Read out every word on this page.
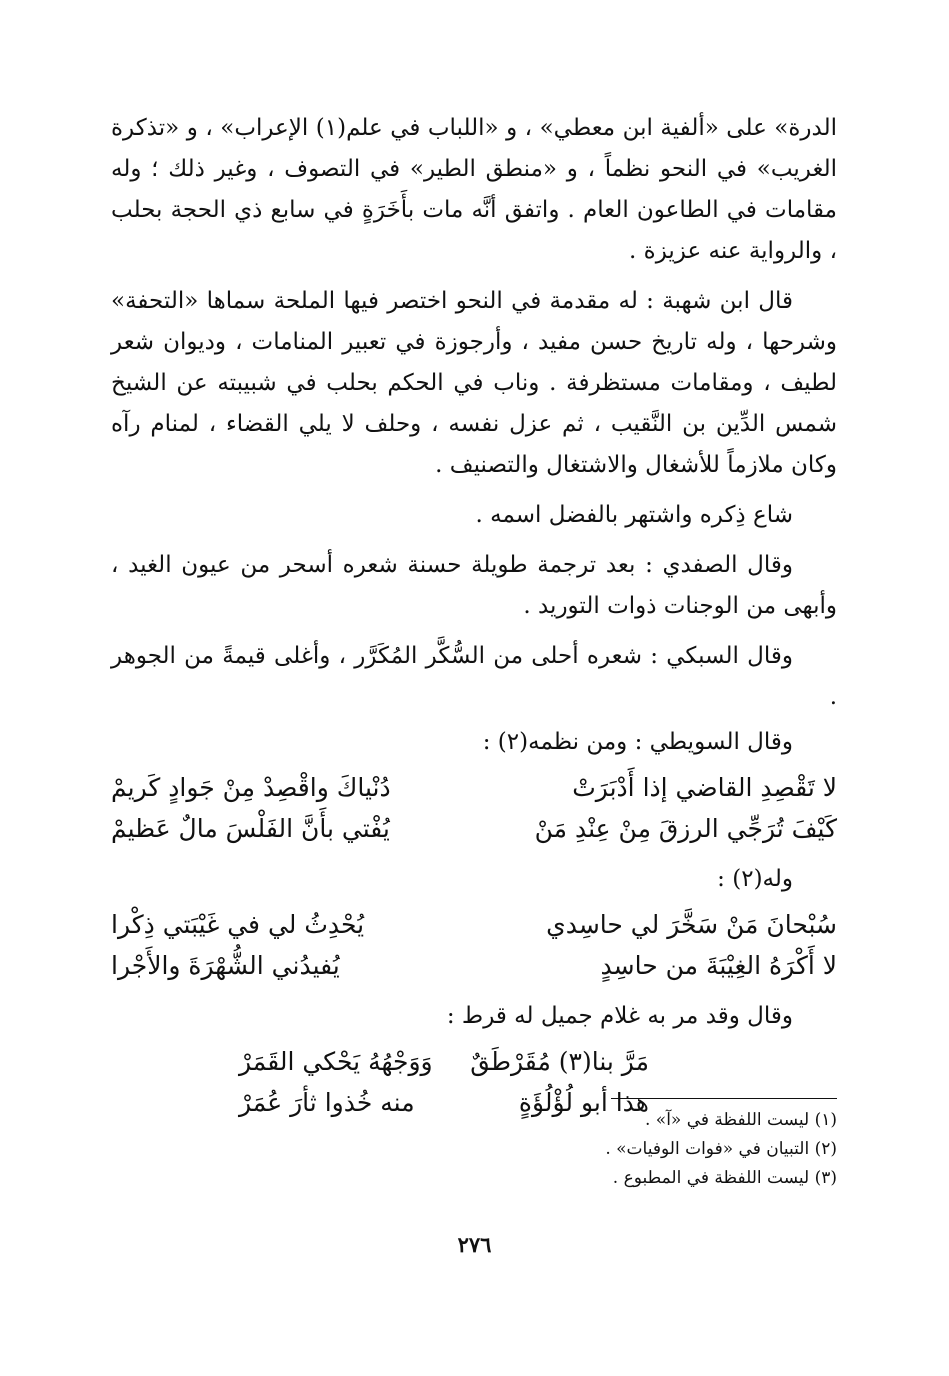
الدرة» على «ألفية ابن معطي» ، و «اللباب في علم(١) الإعراب» ، و «تذكرة الغريب» في النحو نظماً ، و «منطق الطير» في التصوف ، وغير ذلك ؛ وله مقامات في الطاعون العام . واتفق أنَّه مات بأَخَرَةٍ في سابع ذي الحجة بحلب ، والرواية عنه عزيزة .

قال ابن شهبة : له مقدمة في النحو اختصر فيها الملحة سماها «التحفة» وشرحها ، وله تاريخ حسن مفيد ، وأرجوزة في تعبير المنامات ، وديوان شعر لطيف ، ومقامات مستظرفة . وناب في الحكم بحلب في شبيبته عن الشيخ شمس الدِّين بن النَّقيب ، ثم عزل نفسه ، وحلف لا يلي القضاء ، لمنام رآه وكان ملازماً للأشغال والاشتغال والتصنيف .

شاع ذِكره واشتهر بالفضل اسمه .

وقال الصفدي : بعد ترجمة طويلة حسنة شعره أسحر من عيون الغيد ، وأبهى من الوجنات ذوات التوريد .

وقال السبكي : شعره أحلى من السُّكَّر المُكَرَّر ، وأغلى قيمةً من الجوهر .

وقال السويطي : ومن نظمه(٢) :

لا تَقْصِدِ القاضي إذا أَدْبَرَتْ
دُنْياكَ واقْصِدْ مِنْ جَوادٍ كَريمْ
كَيْفَ تُرَجِّي الرزقَ مِنْ عِنْدِ مَنْ
يُفْتي بأَنَّ الفَلْسَ مالٌ عَظيمْ

وله(٢) :

سُبْحانَ مَنْ سَخَّرَ لي حاسِدي
يُحْدِثُ لي في غَيْبَتي ذِكْرا
لا أَكْرَهُ الغِيْبَةَ من حاسِدٍ
يُفيدُني الشُّهْرَةَ والأَجْرا

وقال وقد مر به غلام جميل له قرط :

مَرَّ بنا(٣) مُقَرْطَقٌ
وَوَجْهُهُ يَحْكي القَمَرْ
هذا أبو لُؤْلُؤَةٍ
منه خُذوا ثأرَ عُمَرْ

(١) ليست اللفظة في «آ» .

(٢) التبيان في «فوات الوفيات» .

(٣) ليست اللفظة في المطبوع .

٢٧٦
